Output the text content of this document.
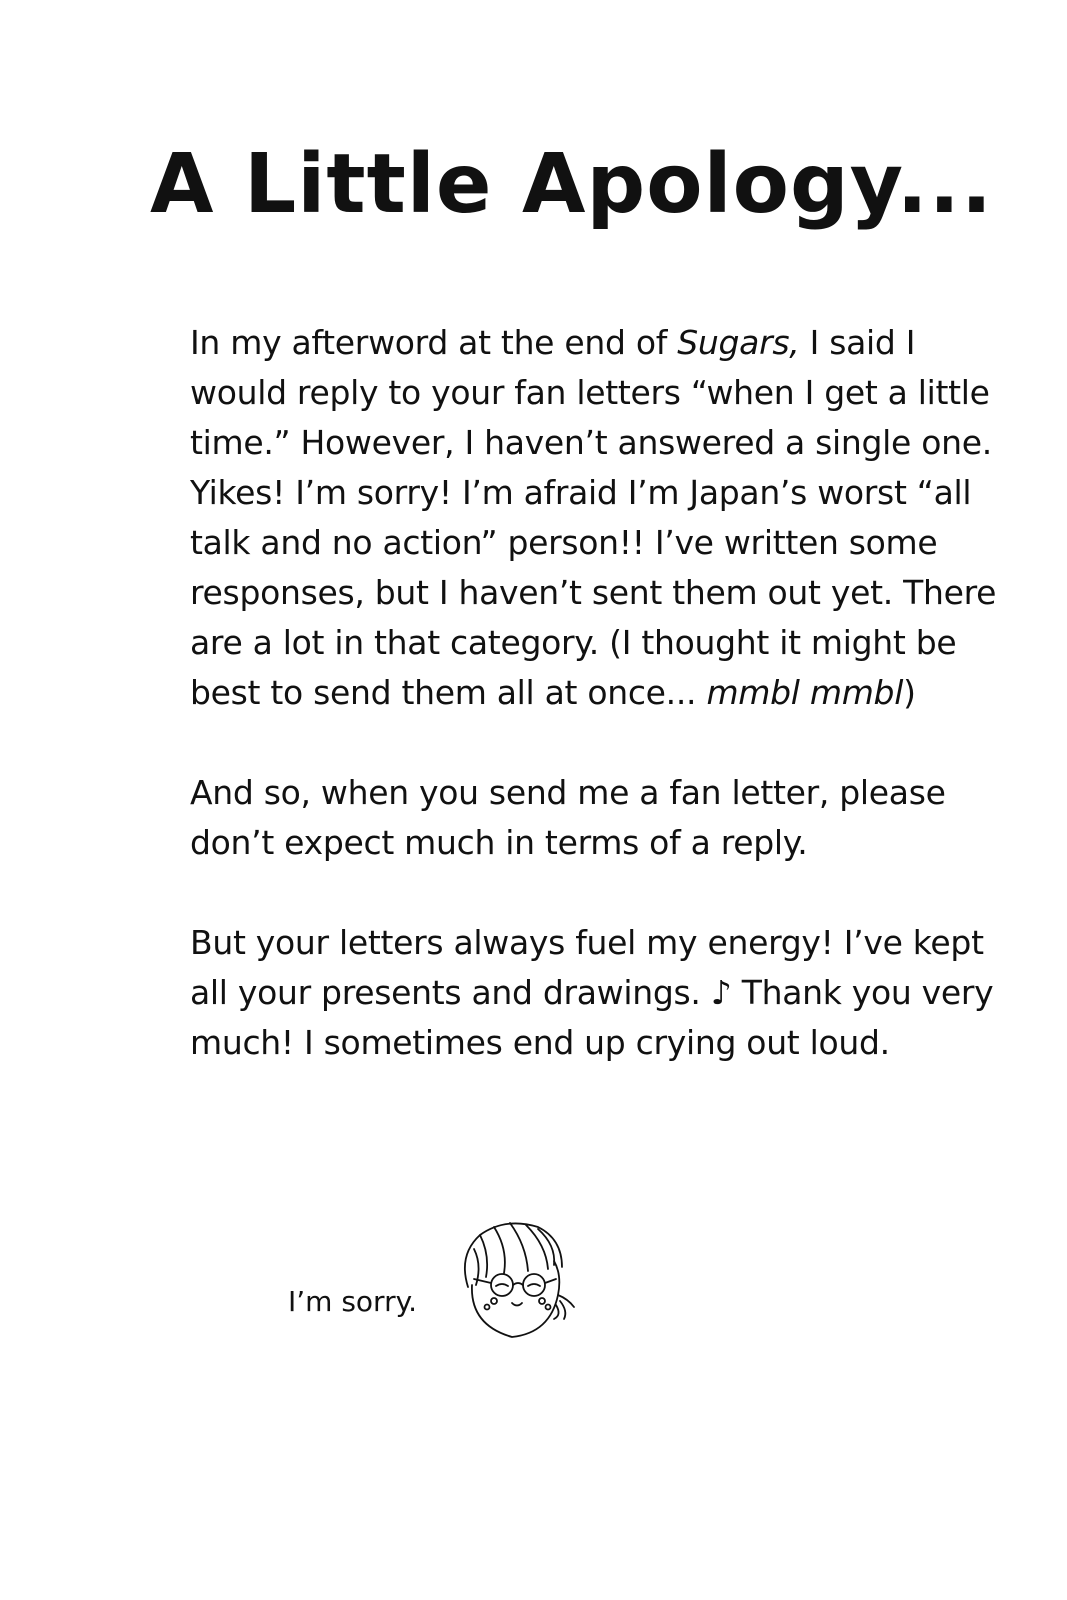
A Little Apology...
In my afterword at the end of Sugars, I said I
would reply to your fan letters “when I get a little
time.” However, I haven’t answered a single one.
Yikes! I’m sorry! I’m afraid I’m Japan’s worst “all
talk and no action” person!! I’ve written some
responses, but I haven’t sent them out yet. There
are a lot in that category. (I thought it might be
best to send them all at once... mmbl mmbl)
And so, when you send me a fan letter, please
don’t expect much in terms of a reply.
But your letters always fuel my energy! I’ve kept
all your presents and drawings. ♪ Thank you very
much! I sometimes end up crying out loud.
I’m sorry.
